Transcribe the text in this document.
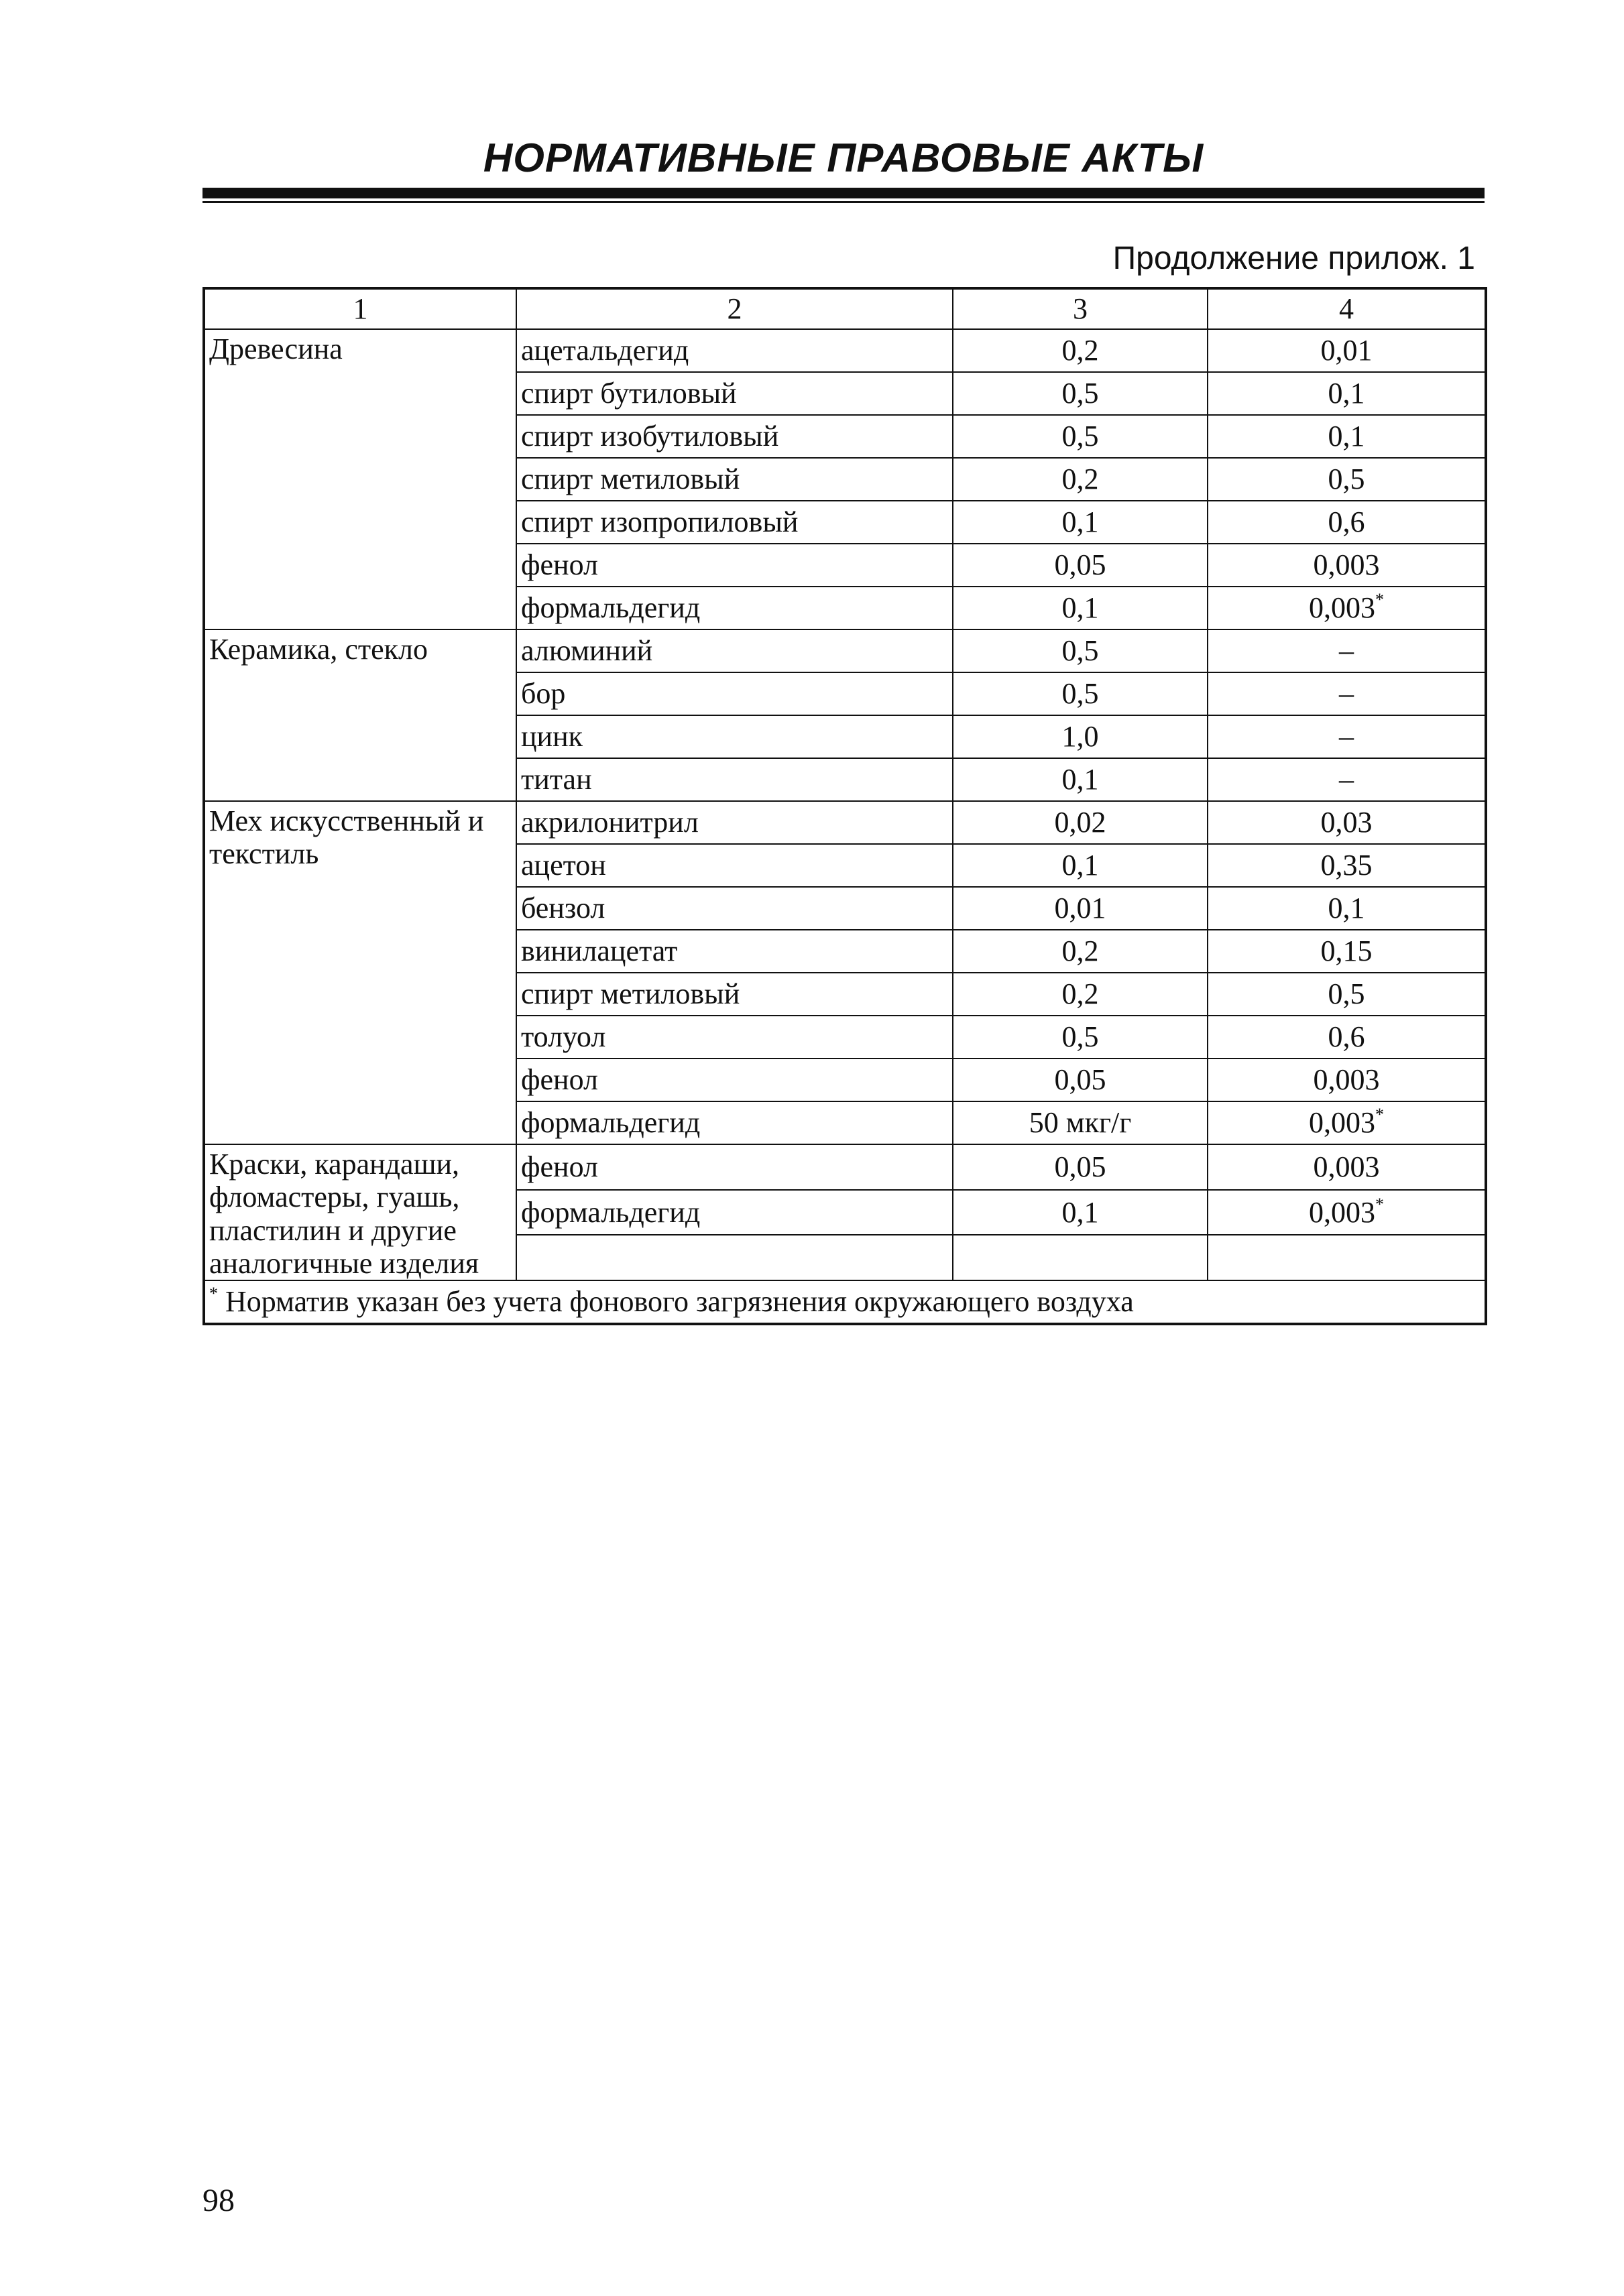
НОРМАТИВНЫЕ ПРАВОВЫЕ АКТЫ
Продолжение прилож. 1
1	2	3	4
Древесина	ацетальдегид	0,2	0,01
	спирт бутиловый	0,5	0,1
	спирт изобутиловый	0,5	0,1
	спирт метиловый	0,2	0,5
	спирт изопропиловый	0,1	0,6
	фенол	0,05	0,003
	формальдегид	0,1	0,003*
Керамика, стекло	алюминий	0,5	–
	бор	0,5	–
	цинк	1,0	–
	титан	0,1	–
Мех искусственный и текстиль	акрилонитрил	0,02	0,03
	ацетон	0,1	0,35
	бензол	0,01	0,1
	винилацетат	0,2	0,15
	спирт метиловый	0,2	0,5
	толуол	0,5	0,6
	фенол	0,05	0,003
	формальдегид	50 мкг/г	0,003*
Краски, карандаши, фломастеры, гуашь, пластилин и другие аналогичные изделия	фенол	0,05	0,003
	формальдегид	0,1	0,003*

* Норматив указан без учета фонового загрязнения окружающего воздуха			
98
